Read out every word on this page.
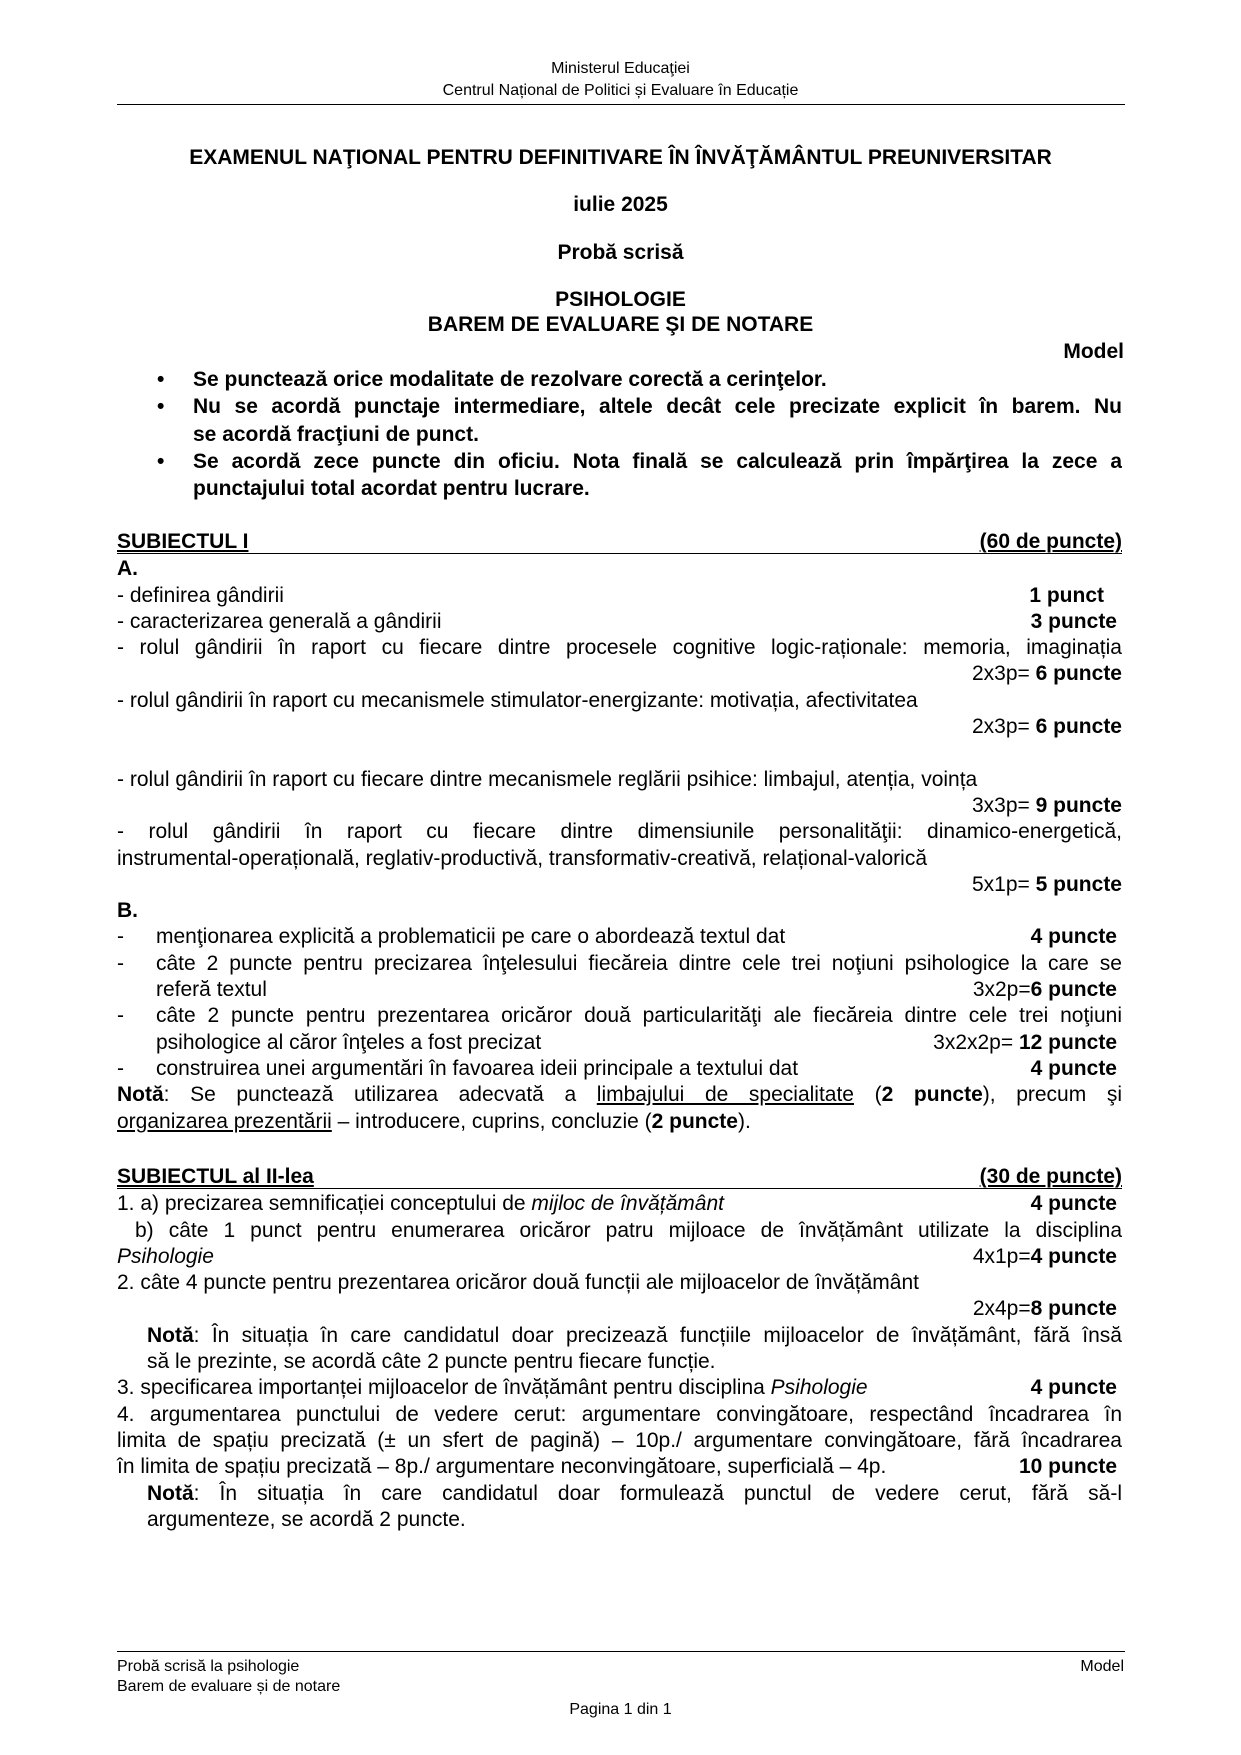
Ministerul Educaţiei
Centrul Național de Politici și Evaluare în Educație
EXAMENUL NAŢIONAL PENTRU DEFINITIVARE ÎN ÎNVĂŢĂMÂNTUL PREUNIVERSITAR
iulie 2025
Probă scrisă
PSIHOLOGIE
BAREM DE EVALUARE ŞI DE NOTARE
Model
• Se punctează orice modalitate de rezolvare corectă a cerinţelor.
• Nu se acordă punctaje intermediare, altele decât cele precizate explicit în barem. Nu
se acordă fracţiuni de punct.
• Se acordă zece puncte din oficiu. Nota finală se calculează prin împărţirea la zece a
punctajului total acordat pentru lucrare.
SUBIECTUL I	(60 de puncte)
A.
- definirea gândirii	1 punct
- caracterizarea generală a gândirii	3 puncte
- rolul gândirii în raport cu fiecare dintre procesele cognitive logic-raționale: memoria, imaginația
2x3p= 6 puncte
- rolul gândirii în raport cu mecanismele stimulator-energizante: motivația, afectivitatea
2x3p= 6 puncte
- rolul gândirii în raport cu fiecare dintre mecanismele reglării psihice: limbajul, atenția, voința
3x3p= 9 puncte
- rolul gândirii în raport cu fiecare dintre dimensiunile personalităţii: dinamico-energetică,
instrumental-operațională, reglativ-productivă, transformativ-creativă, relațional-valorică
5x1p= 5 puncte
B.
- menţionarea explicită a problematicii pe care o abordează textul dat	4 puncte
- câte 2 puncte pentru precizarea înţelesului fiecăreia dintre cele trei noţiuni psihologice la care se
referă textul	3x2p=6 puncte
- câte 2 puncte pentru prezentarea oricăror două particularităţi ale fiecăreia dintre cele trei noţiuni
psihologice al căror înţeles a fost precizat	3x2x2p= 12 puncte
- construirea unei argumentări în favoarea ideii principale a textului dat	4 puncte
Notă: Se punctează utilizarea adecvată a limbajului de specialitate (2 puncte), precum şi
organizarea prezentării – introducere, cuprins, concluzie (2 puncte).
SUBIECTUL al II-lea	(30 de puncte)
1. a) precizarea semnificației conceptului de mijloc de învățământ	4 puncte
b) câte 1 punct pentru enumerarea oricăror patru mijloace de învățământ utilizate la disciplina
Psihologie	4x1p=4 puncte
2. câte 4 puncte pentru prezentarea oricăror două funcții ale mijloacelor de învățământ
2x4p=8 puncte
Notă: În situația în care candidatul doar precizează funcțiile mijloacelor de învățământ, fără însă
să le prezinte, se acordă câte 2 puncte pentru fiecare funcție.
3. specificarea importanței mijloacelor de învățământ pentru disciplina Psihologie	4 puncte
4. argumentarea punctului de vedere cerut: argumentare convingătoare, respectând încadrarea în
limita de spațiu precizată (± un sfert de pagină) – 10p./ argumentare convingătoare, fără încadrarea
în limita de spațiu precizată – 8p./ argumentare neconvingătoare, superficială – 4p.	10 puncte
Notă: În situația în care candidatul doar formulează punctul de vedere cerut, fără să-l
argumenteze, se acordă 2 puncte.
Probă scrisă la psihologie
Barem de evaluare și de notare
Model
Pagina 1 din 1
